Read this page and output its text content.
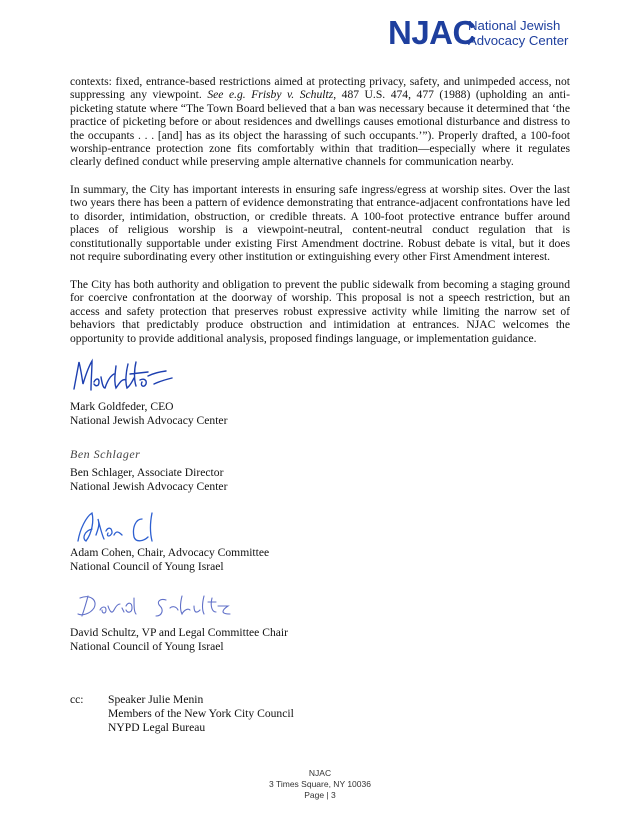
NJAC
National Jewish
Advocacy Center

contexts: fixed, entrance-based restrictions aimed at protecting privacy, safety, and unimpeded access, not suppressing any viewpoint. See e.g. Frisby v. Schultz, 487 U.S. 474, 477 (1988) (upholding an anti-picketing statute where “The Town Board believed that a ban was necessary because it determined that ‘the practice of picketing before or about residences and dwellings causes emotional disturbance and distress to the occupants . . . [and] has as its object the harassing of such occupants.’”). Properly drafted, a 100-foot worship-entrance protection zone fits comfortably within that tradition—especially where it regulates clearly defined conduct while preserving ample alternative channels for communication nearby.

In summary, the City has important interests in ensuring safe ingress/egress at worship sites. Over the last two years there has been a pattern of evidence demonstrating that entrance-adjacent confrontations have led to disorder, intimidation, obstruction, or credible threats. A 100-foot protective entrance buffer around places of religious worship is a viewpoint-neutral, content-neutral conduct regulation that is constitutionally supportable under existing First Amendment doctrine. Robust debate is vital, but it does not require subordinating every other institution or extinguishing every other First Amendment interest.

The City has both authority and obligation to prevent the public sidewalk from becoming a staging ground for coercive confrontation at the doorway of worship. This proposal is not a speech restriction, but an access and safety protection that preserves robust expressive activity while limiting the narrow set of behaviors that predictably produce obstruction and intimidation at entrances. NJAC welcomes the opportunity to provide additional analysis, proposed findings language, or implementation guidance.

Mark Goldfeder, CEO
National Jewish Advocacy Center
Ben Schlager
Ben Schlager, Associate Director
National Jewish Advocacy Center
Adam Cohen, Chair, Advocacy Committee
National Council of Young Israel
David Schultz, VP and Legal Committee Chair
National Council of Young Israel
cc: Speaker Julie Menin
Members of the New York City Council
NYPD Legal Bureau
NJAC
3 Times Square, NY 10036
Page | 3
